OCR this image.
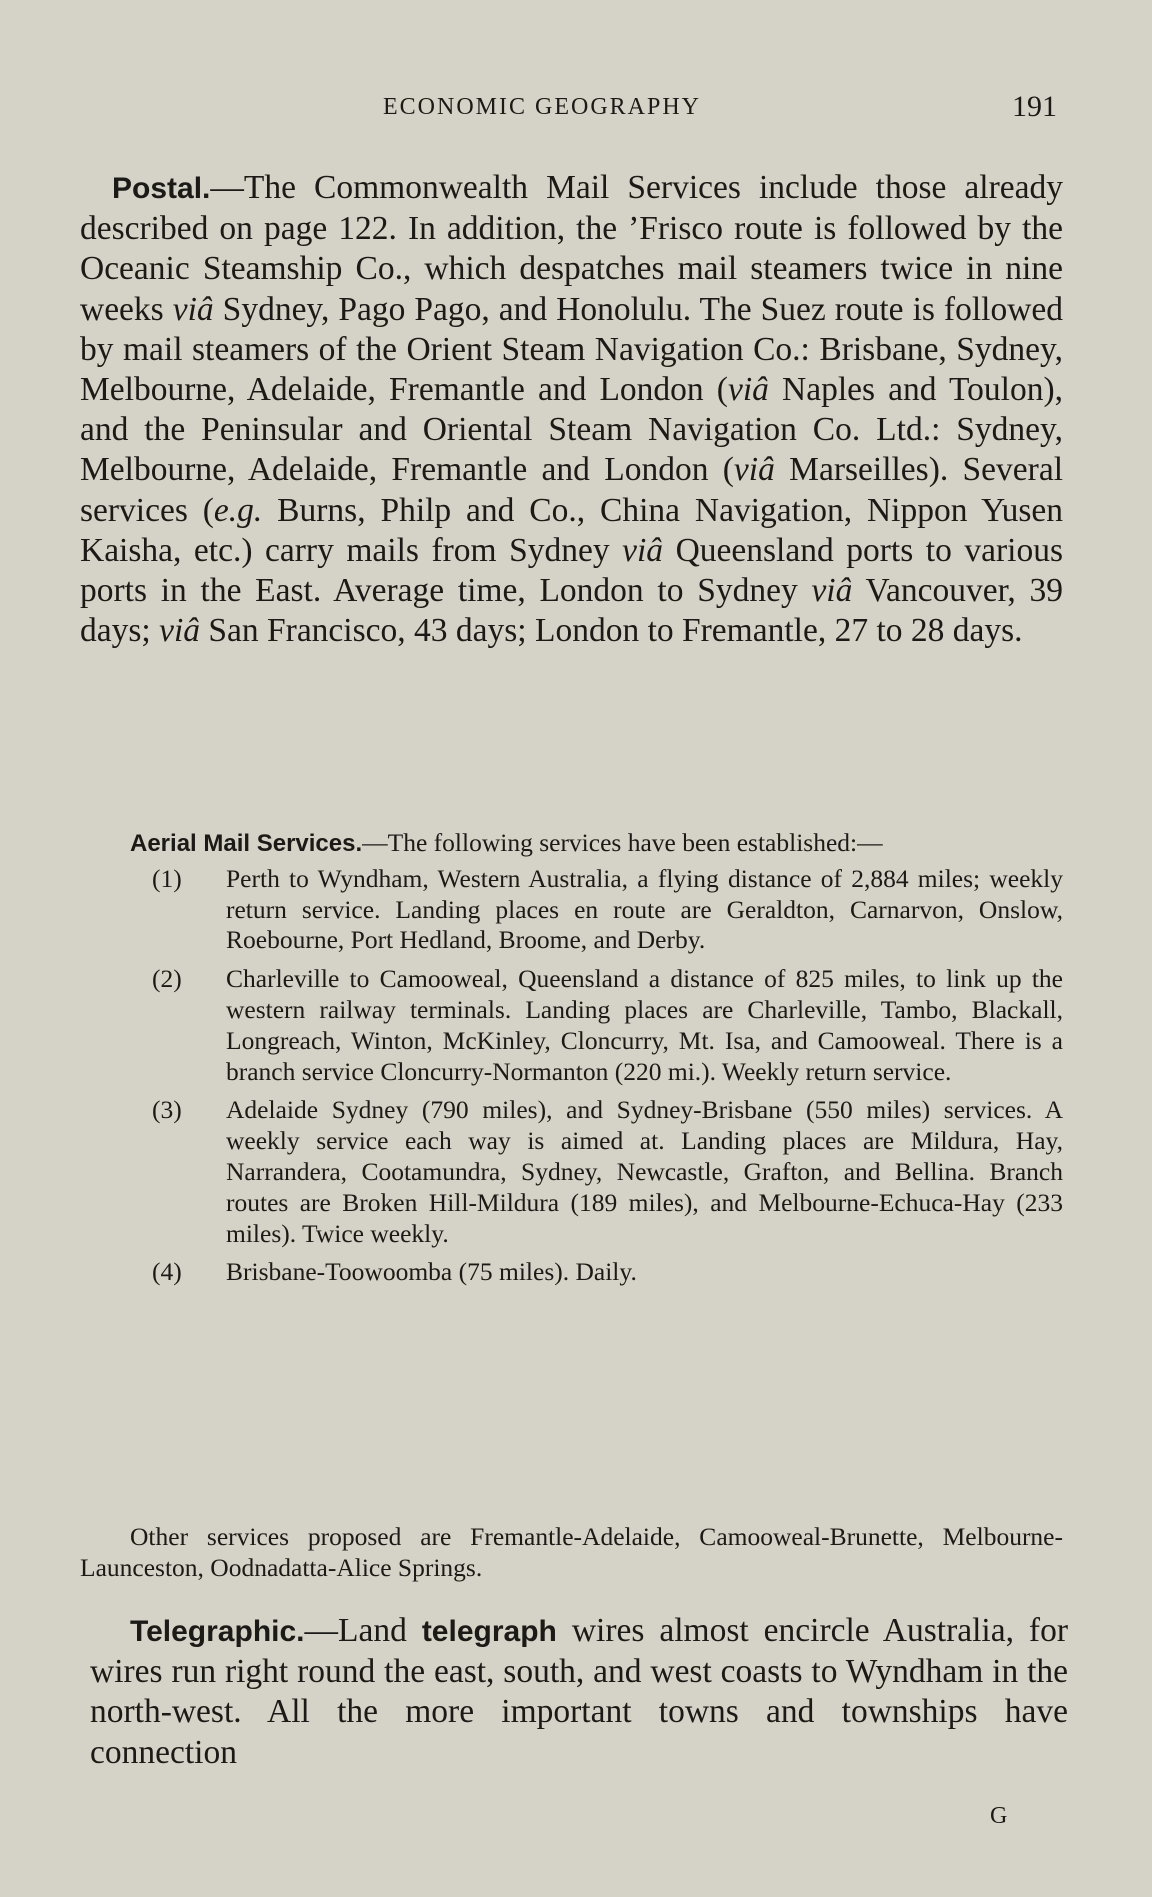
ECONOMIC GEOGRAPHY	191

Postal.—The Commonwealth Mail Services include those already described on page 122. In addition, the ’Frisco route is followed by the Oceanic Steamship Co., which despatches mail steamers twice in nine weeks viâ Sydney, Pago Pago, and Honolulu. The Suez route is followed by mail steamers of the Orient Steam Navigation Co.: Brisbane, Sydney, Melbourne, Adelaide, Fremantle and London (viâ Naples and Toulon), and the Peninsular and Oriental Steam Navigation Co. Ltd.: Sydney, Melbourne, Adelaide, Fremantle and London (viâ Marseilles). Several services (e.g. Burns, Philp and Co., China Navigation, Nippon Yusen Kaisha, etc.) carry mails from Sydney viâ Queensland ports to various ports in the East. Average time, London to Sydney viâ Vancouver, 39 days; viâ San Francisco, 43 days; London to Fremantle, 27 to 28 days.

Aerial Mail Services.—The following services have been established:—

(1) Perth to Wyndham, Western Australia, a flying distance of 2,884 miles; weekly return service. Landing places en route are Geraldton, Carnarvon, Onslow, Roebourne, Port Hedland, Broome, and Derby.
(2) Charleville to Camooweal, Queensland a distance of 825 miles, to link up the western railway terminals. Landing places are Charleville, Tambo, Blackall, Longreach, Winton, McKinley, Cloncurry, Mt. Isa, and Camooweal. There is a branch service Cloncurry-Normanton (220 mi.). Weekly return service.
(3) Adelaide Sydney (790 miles), and Sydney-Brisbane (550 miles) services. A weekly service each way is aimed at. Landing places are Mildura, Hay, Narrandera, Cootamundra, Sydney, Newcastle, Grafton, and Bellina. Branch routes are Broken Hill-Mildura (189 miles), and Melbourne-Echuca-Hay (233 miles). Twice weekly.
(4) Brisbane-Toowoomba (75 miles). Daily.

Other services proposed are Fremantle-Adelaide, Camooweal-Brunette, Melbourne-Launceston, Oodnadatta-Alice Springs.

Telegraphic.—Land telegraph wires almost encircle Australia, for wires run right round the east, south, and west coasts to Wyndham in the north-west. All the more important towns and townships have connection

G
